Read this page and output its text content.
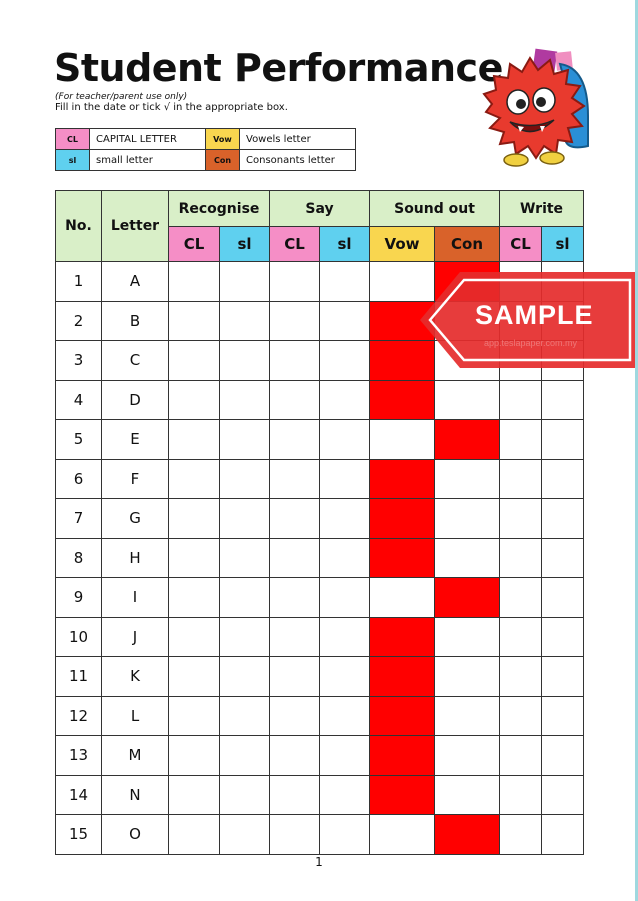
Student Performance
(For teacher/parent use only)
Fill in the date or tick √ in the appropriate box.
CL	CAPITAL LETTER	Vow	Vowels letter
sl	small letter	Con	Consonants letter
No.	Letter	Recognise		Say		Sound out		Write	
		CL	sl	CL	sl	Vow	Con	CL	sl
1	A								
2	B								
3	C								
4	D								
5	E								
6	F								
7	G								
8	H								
9	I								
10	J								
11	K								
12	L								
13	M								
14	N								
15	O								
SAMPLE
app.teslapaper.com.my
1
